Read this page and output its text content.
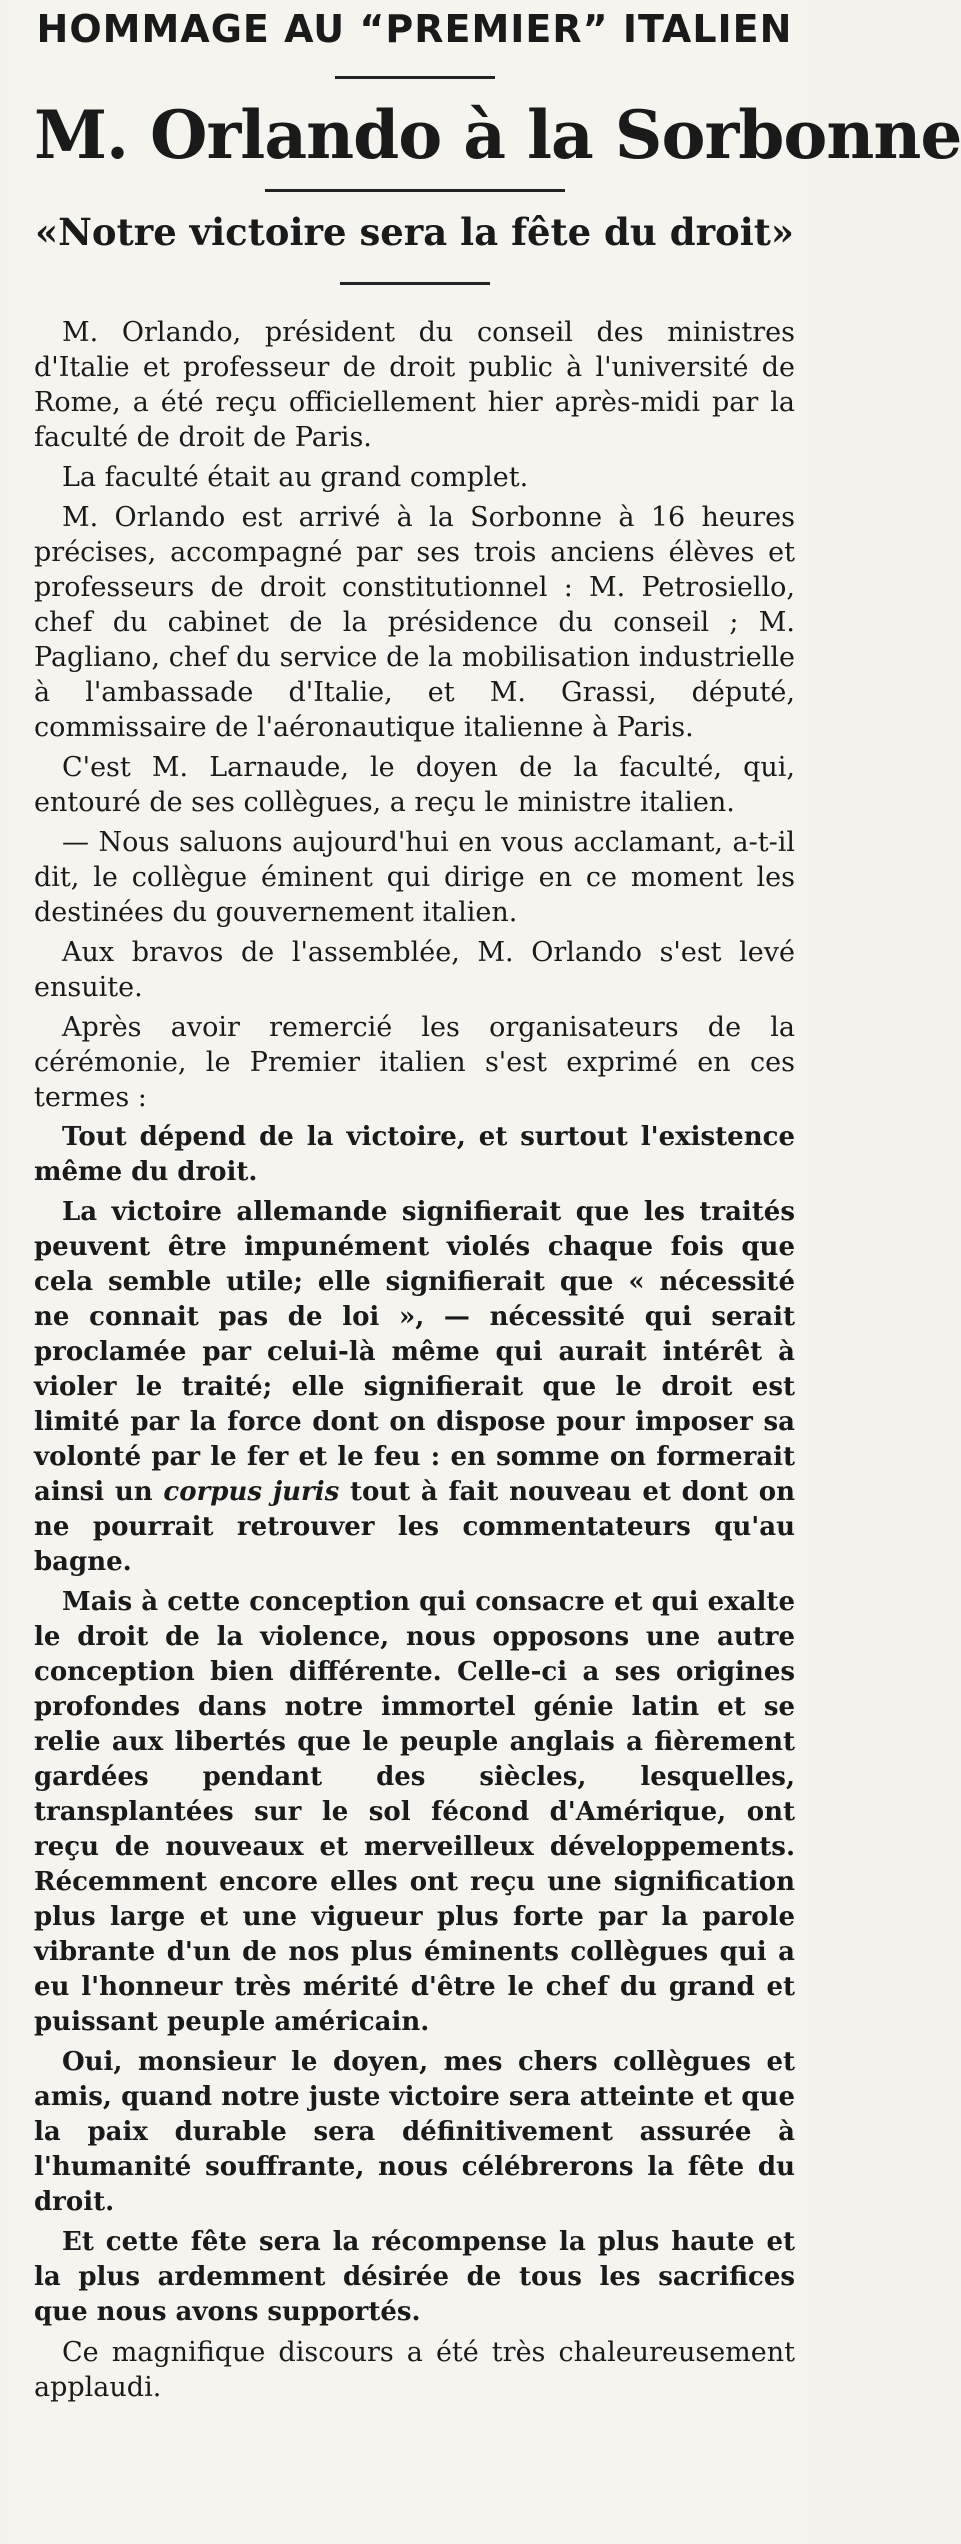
HOMMAGE AU “PREMIER” ITALIEN
M. Orlando à la Sorbonne
«Notre victoire sera la fête du droit»

M. Orlando, président du conseil des ministres d'Italie et professeur de droit public à l'université de Rome, a été reçu officiellement hier après-midi par la faculté de droit de Paris.

La faculté était au grand complet.

M. Orlando est arrivé à la Sorbonne à 16 heures précises, accompagné par ses trois anciens élèves et professeurs de droit constitutionnel : M. Petrosiello, chef du cabinet de la présidence du conseil ; M. Pagliano, chef du service de la mobilisation industrielle à l'ambassade d'Italie, et M. Grassi, député, commissaire de l'aéronautique italienne à Paris.

C'est M. Larnaude, le doyen de la faculté, qui, entouré de ses collègues, a reçu le ministre italien.

— Nous saluons aujourd'hui en vous acclamant, a-t-il dit, le collègue éminent qui dirige en ce moment les destinées du gouvernement italien.

Aux bravos de l'assemblée, M. Orlando s'est levé ensuite.

Après avoir remercié les organisateurs de la cérémonie, le Premier italien s'est exprimé en ces termes :

Tout dépend de la victoire, et surtout l'existence même du droit.

La victoire allemande signifierait que les traités peuvent être impunément violés chaque fois que cela semble utile; elle signifierait que « nécessité ne connait pas de loi », — nécessité qui serait proclamée par celui-là même qui aurait intérêt à violer le traité; elle signifierait que le droit est limité par la force dont on dispose pour imposer sa volonté par le fer et le feu : en somme on formerait ainsi un corpus juris tout à fait nouveau et dont on ne pourrait retrouver les commentateurs qu'au bagne.

Mais à cette conception qui consacre et qui exalte le droit de la violence, nous opposons une autre conception bien différente. Celle-ci a ses origines profondes dans notre immortel génie latin et se relie aux libertés que le peuple anglais a fièrement gardées pendant des siècles, lesquelles, transplantées sur le sol fécond d'Amérique, ont reçu de nouveaux et merveilleux développements. Récemment encore elles ont reçu une signification plus large et une vigueur plus forte par la parole vibrante d'un de nos plus éminents collègues qui a eu l'honneur très mérité d'être le chef du grand et puissant peuple américain.

Oui, monsieur le doyen, mes chers collègues et amis, quand notre juste victoire sera atteinte et que la paix durable sera définitivement assurée à l'humanité souffrante, nous célébrerons la fête du droit.

Et cette fête sera la récompense la plus haute et la plus ardemment désirée de tous les sacrifices que nous avons supportés.

Ce magnifique discours a été très chaleureusement applaudi.
